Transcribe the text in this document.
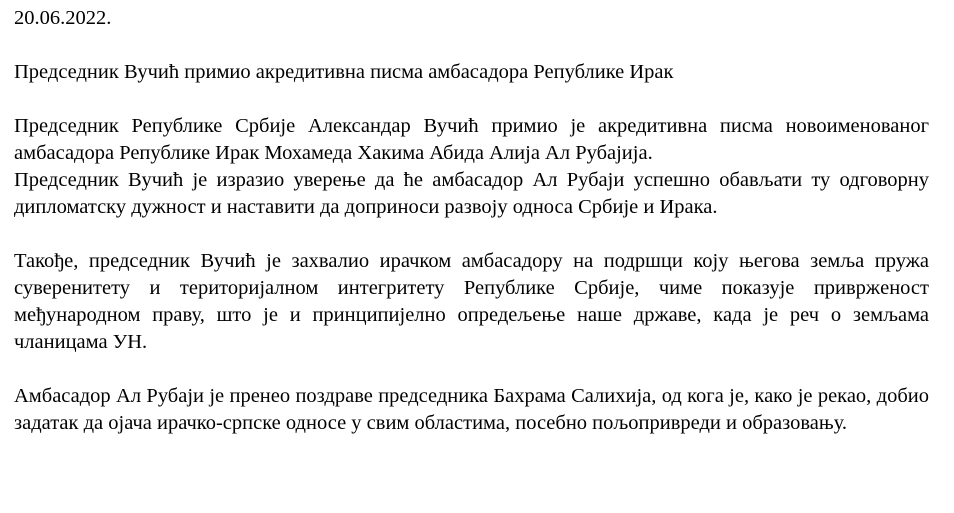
20.06.2022.

Председник Вучић примио акредитивна писма амбасадора Републике Ирак

Председник Републике Србије Александар Вучић примио је акредитивна писма новоименованог амбасадора Републике Ирак Мохамеда Хакима Абида Алија Ал Рубајија.
Председник Вучић је изразио уверење да ће амбасадор Ал Рубаји успешно обављати ту одговорну дипломатску дужност и наставити да доприноси развоју односа Србије и Ирака.

Такође, председник Вучић је захвалио ирачком амбасадору на подршци коју његова земља пружа суверенитету и територијалном интегритету Републике Србије, чиме показује привржeност међународном праву, што је и принципијелно опредељење наше државе, када је реч о земљама чланицама УН.

Амбасадор Ал Рубаји је пренео поздраве председника Бахрама Салихија, од кога је, како је рекао, добио задатак да ојача ирачко-српске односе у свим областима, посебно пољопривреди и образовању.
